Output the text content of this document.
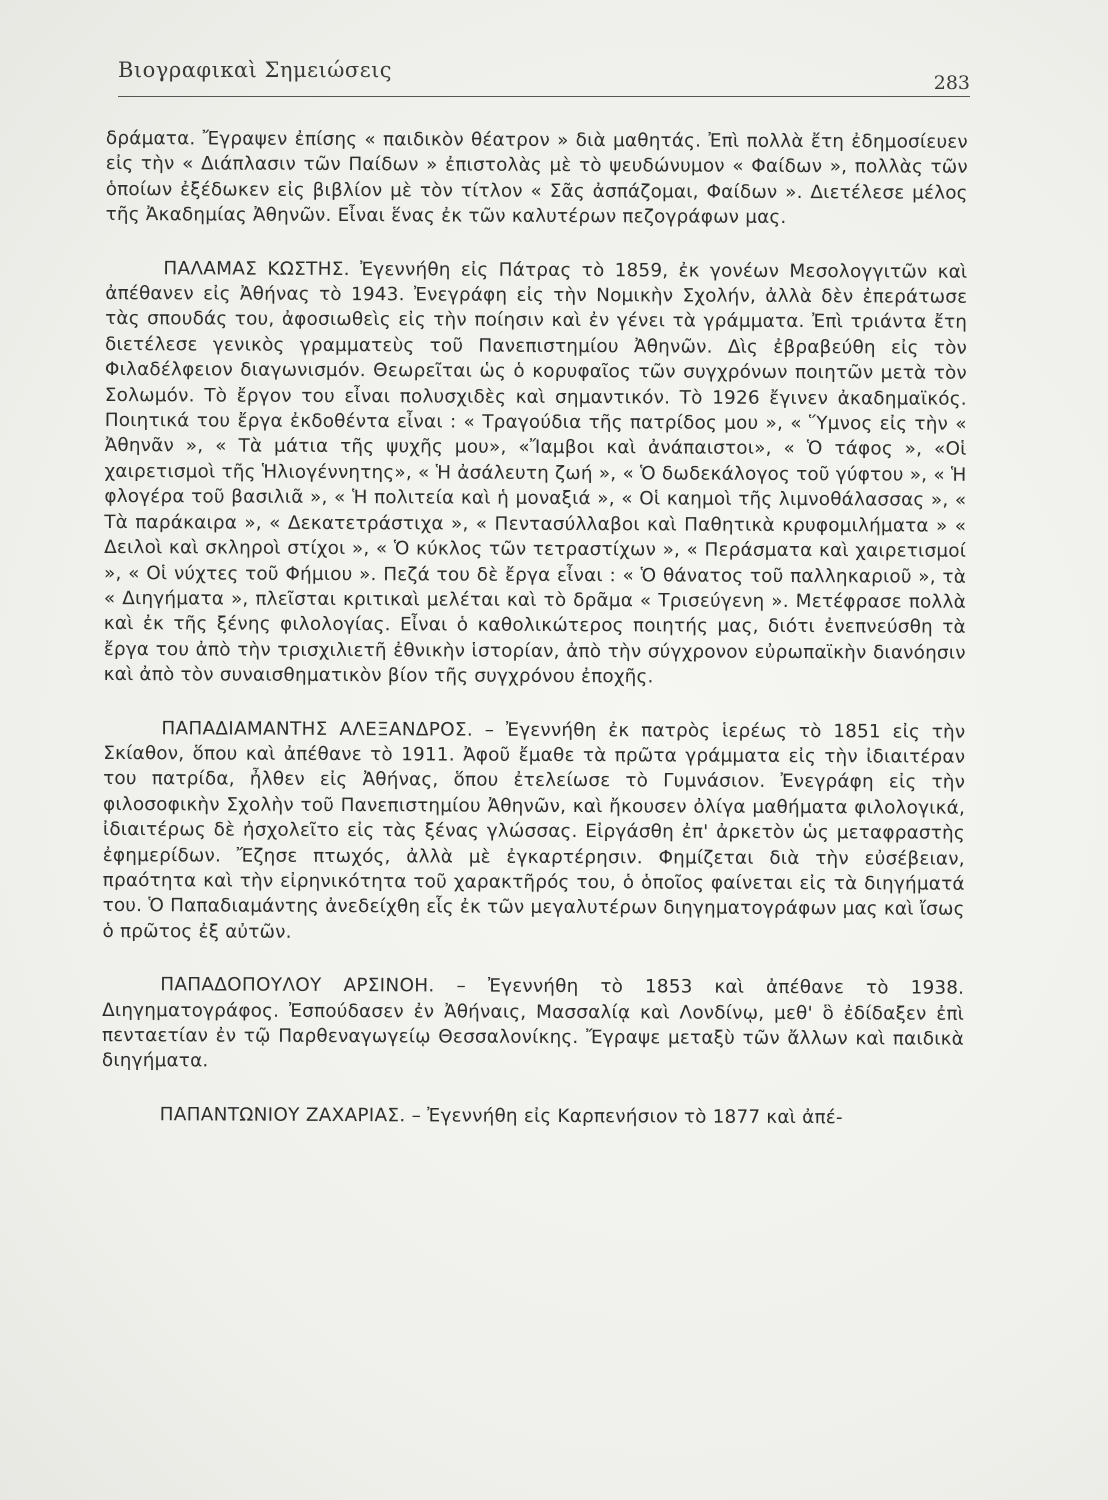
Βιογραφικαὶ Σημειώσεις
283

δράματα. Ἔγραψεν ἐπίσης « παιδικὸν θέατρον » διὰ μαθητάς. Ἐπὶ πολλὰ ἔτη ἐδημοσίευεν εἰς τὴν « Διάπλασιν τῶν Παίδων » ἐπιστολὰς μὲ τὸ ψευδώνυμον « Φαίδων », πολλὰς τῶν ὁποίων ἐξέδωκεν εἰς βιβλίον μὲ τὸν τίτλον « Σᾶς ἀσπάζομαι, Φαίδων ». Διετέλεσε μέλος τῆς Ἀκαδημίας Ἀθηνῶν. Εἶναι ἕνας ἐκ τῶν καλυτέρων πεζογράφων μας.

ΠΑΛΑΜΑΣ ΚΩΣΤΗΣ. Ἐγεννήθη εἰς Πάτρας τὸ 1859, ἐκ γονέων Μεσολογγιτῶν καὶ ἀπέθανεν εἰς Ἀθήνας τὸ 1943. Ἐνεγράφη εἰς τὴν Νομικὴν Σχολήν, ἀλλὰ δὲν ἐπεράτωσε τὰς σπουδάς του, ἀφοσιωθεὶς εἰς τὴν ποίησιν καὶ ἐν γένει τὰ γράμματα. Ἐπὶ τριάντα ἔτη διετέλεσε γενικὸς γραμματεὺς τοῦ Πανεπιστημίου Ἀθηνῶν. Δὶς ἐβραβεύθη εἰς τὸν Φιλαδέλφειον διαγωνισμόν. Θεωρεῖται ὡς ὁ κορυφαῖος τῶν συγχρόνων ποιητῶν μετὰ τὸν Σολωμόν. Τὸ ἔργον του εἶναι πολυσχιδὲς καὶ σημαντικόν. Τὸ 1926 ἔγινεν ἀκαδημαϊκός. Ποιητικά του ἔργα ἐκδοθέντα εἶναι : « Τραγούδια τῆς πατρίδος μου », « Ὕμνος εἰς τὴν « Ἀθηνᾶν », « Τὰ μάτια τῆς ψυχῆς μου», «Ἴαμβοι καὶ ἀνάπαιστοι», « Ὁ τάφος », «Οἱ χαιρετισμοὶ τῆς Ἡλιογέννητης», « Ἡ ἀσάλευτη ζωή », « Ὁ δωδεκάλογος τοῦ γύφτου », « Ἡ φλογέρα τοῦ βασιλιᾶ », « Ἡ πολιτεία καὶ ἡ μοναξιά », « Οἱ καημοὶ τῆς λιμνοθάλασσας », « Τὰ παράκαιρα », « Δεκατετράστιχα », « Πεντασύλλαβοι καὶ Παθητικὰ κρυφομιλήματα » « Δειλοὶ καὶ σκληροὶ στίχοι », « Ὁ κύκλος τῶν τετραστίχων », « Περάσματα καὶ χαιρετισμοί », « Οἱ νύχτες τοῦ Φήμιου ». Πεζά του δὲ ἔργα εἶναι : « Ὁ θάνατος τοῦ παλληκαριοῦ », τὰ « Διηγήματα », πλεῖσται κριτικαὶ μελέται καὶ τὸ δρᾶμα « Τρισεύγενη ». Μετέφρασε πολλὰ καὶ ἐκ τῆς ξένης φιλολογίας. Εἶναι ὁ καθολικώτερος ποιητής μας, διότι ἐνεπνεύσθη τὰ ἔργα του ἀπὸ τὴν τρισχιλιετῆ ἐθνικὴν ἱστορίαν, ἀπὸ τὴν σύγχρονον εὐρωπαϊκὴν διανόησιν καὶ ἀπὸ τὸν συναισθηματικὸν βίον τῆς συγχρόνου ἐποχῆς.

ΠΑΠΑΔΙΑΜΑΝΤΗΣ ΑΛΕΞΑΝΔΡΟΣ. – Ἐγεννήθη ἐκ πατρὸς ἱερέως τὸ 1851 εἰς τὴν Σκίαθον, ὅπου καὶ ἀπέθανε τὸ 1911. Ἀφοῦ ἔμαθε τὰ πρῶτα γράμματα εἰς τὴν ἰδιαιτέραν του πατρίδα, ἦλθεν εἰς Ἀθήνας, ὅπου ἐτελείωσε τὸ Γυμνάσιον. Ἐνεγράφη εἰς τὴν φιλοσοφικὴν Σχολὴν τοῦ Πανεπιστημίου Ἀθηνῶν, καὶ ἤκουσεν ὀλίγα μαθήματα φιλολογικά, ἰδιαιτέρως δὲ ἠσχολεῖτο εἰς τὰς ξένας γλώσσας. Εἰργάσθη ἐπ' ἀρκετὸν ὡς μεταφραστὴς ἐφημερίδων. Ἔζησε πτωχός, ἀλλὰ μὲ ἐγκαρτέρησιν. Φημίζεται διὰ τὴν εὐσέβειαν, πραότητα καὶ τὴν εἰρηνικότητα τοῦ χαρακτῆρός του, ὁ ὁποῖος φαίνεται εἰς τὰ διηγήματά του. Ὁ Παπαδιαμάντης ἀνεδείχθη εἷς ἐκ τῶν μεγαλυτέρων διηγηματογράφων μας καὶ ἴσως ὁ πρῶτος ἐξ αὐτῶν.

ΠΑΠΑΔΟΠΟΥΛΟΥ ΑΡΣΙΝΟΗ. – Ἐγεννήθη τὸ 1853 καὶ ἀπέθανε τὸ 1938. Διηγηματογράφος. Ἐσπούδασεν ἐν Ἀθήναις, Μασσαλίᾳ καὶ Λονδίνῳ, μεθ' ὃ ἐδίδαξεν ἐπὶ πενταετίαν ἐν τῷ Παρθεναγωγείῳ Θεσσαλονίκης. Ἔγραψε μεταξὺ τῶν ἄλλων καὶ παιδικὰ διηγήματα.

ΠΑΠΑΝΤΩΝΙΟΥ ΖΑΧΑΡΙΑΣ. – Ἐγεννήθη εἰς Καρπενήσιον τὸ 1877 καὶ ἀπέ-
